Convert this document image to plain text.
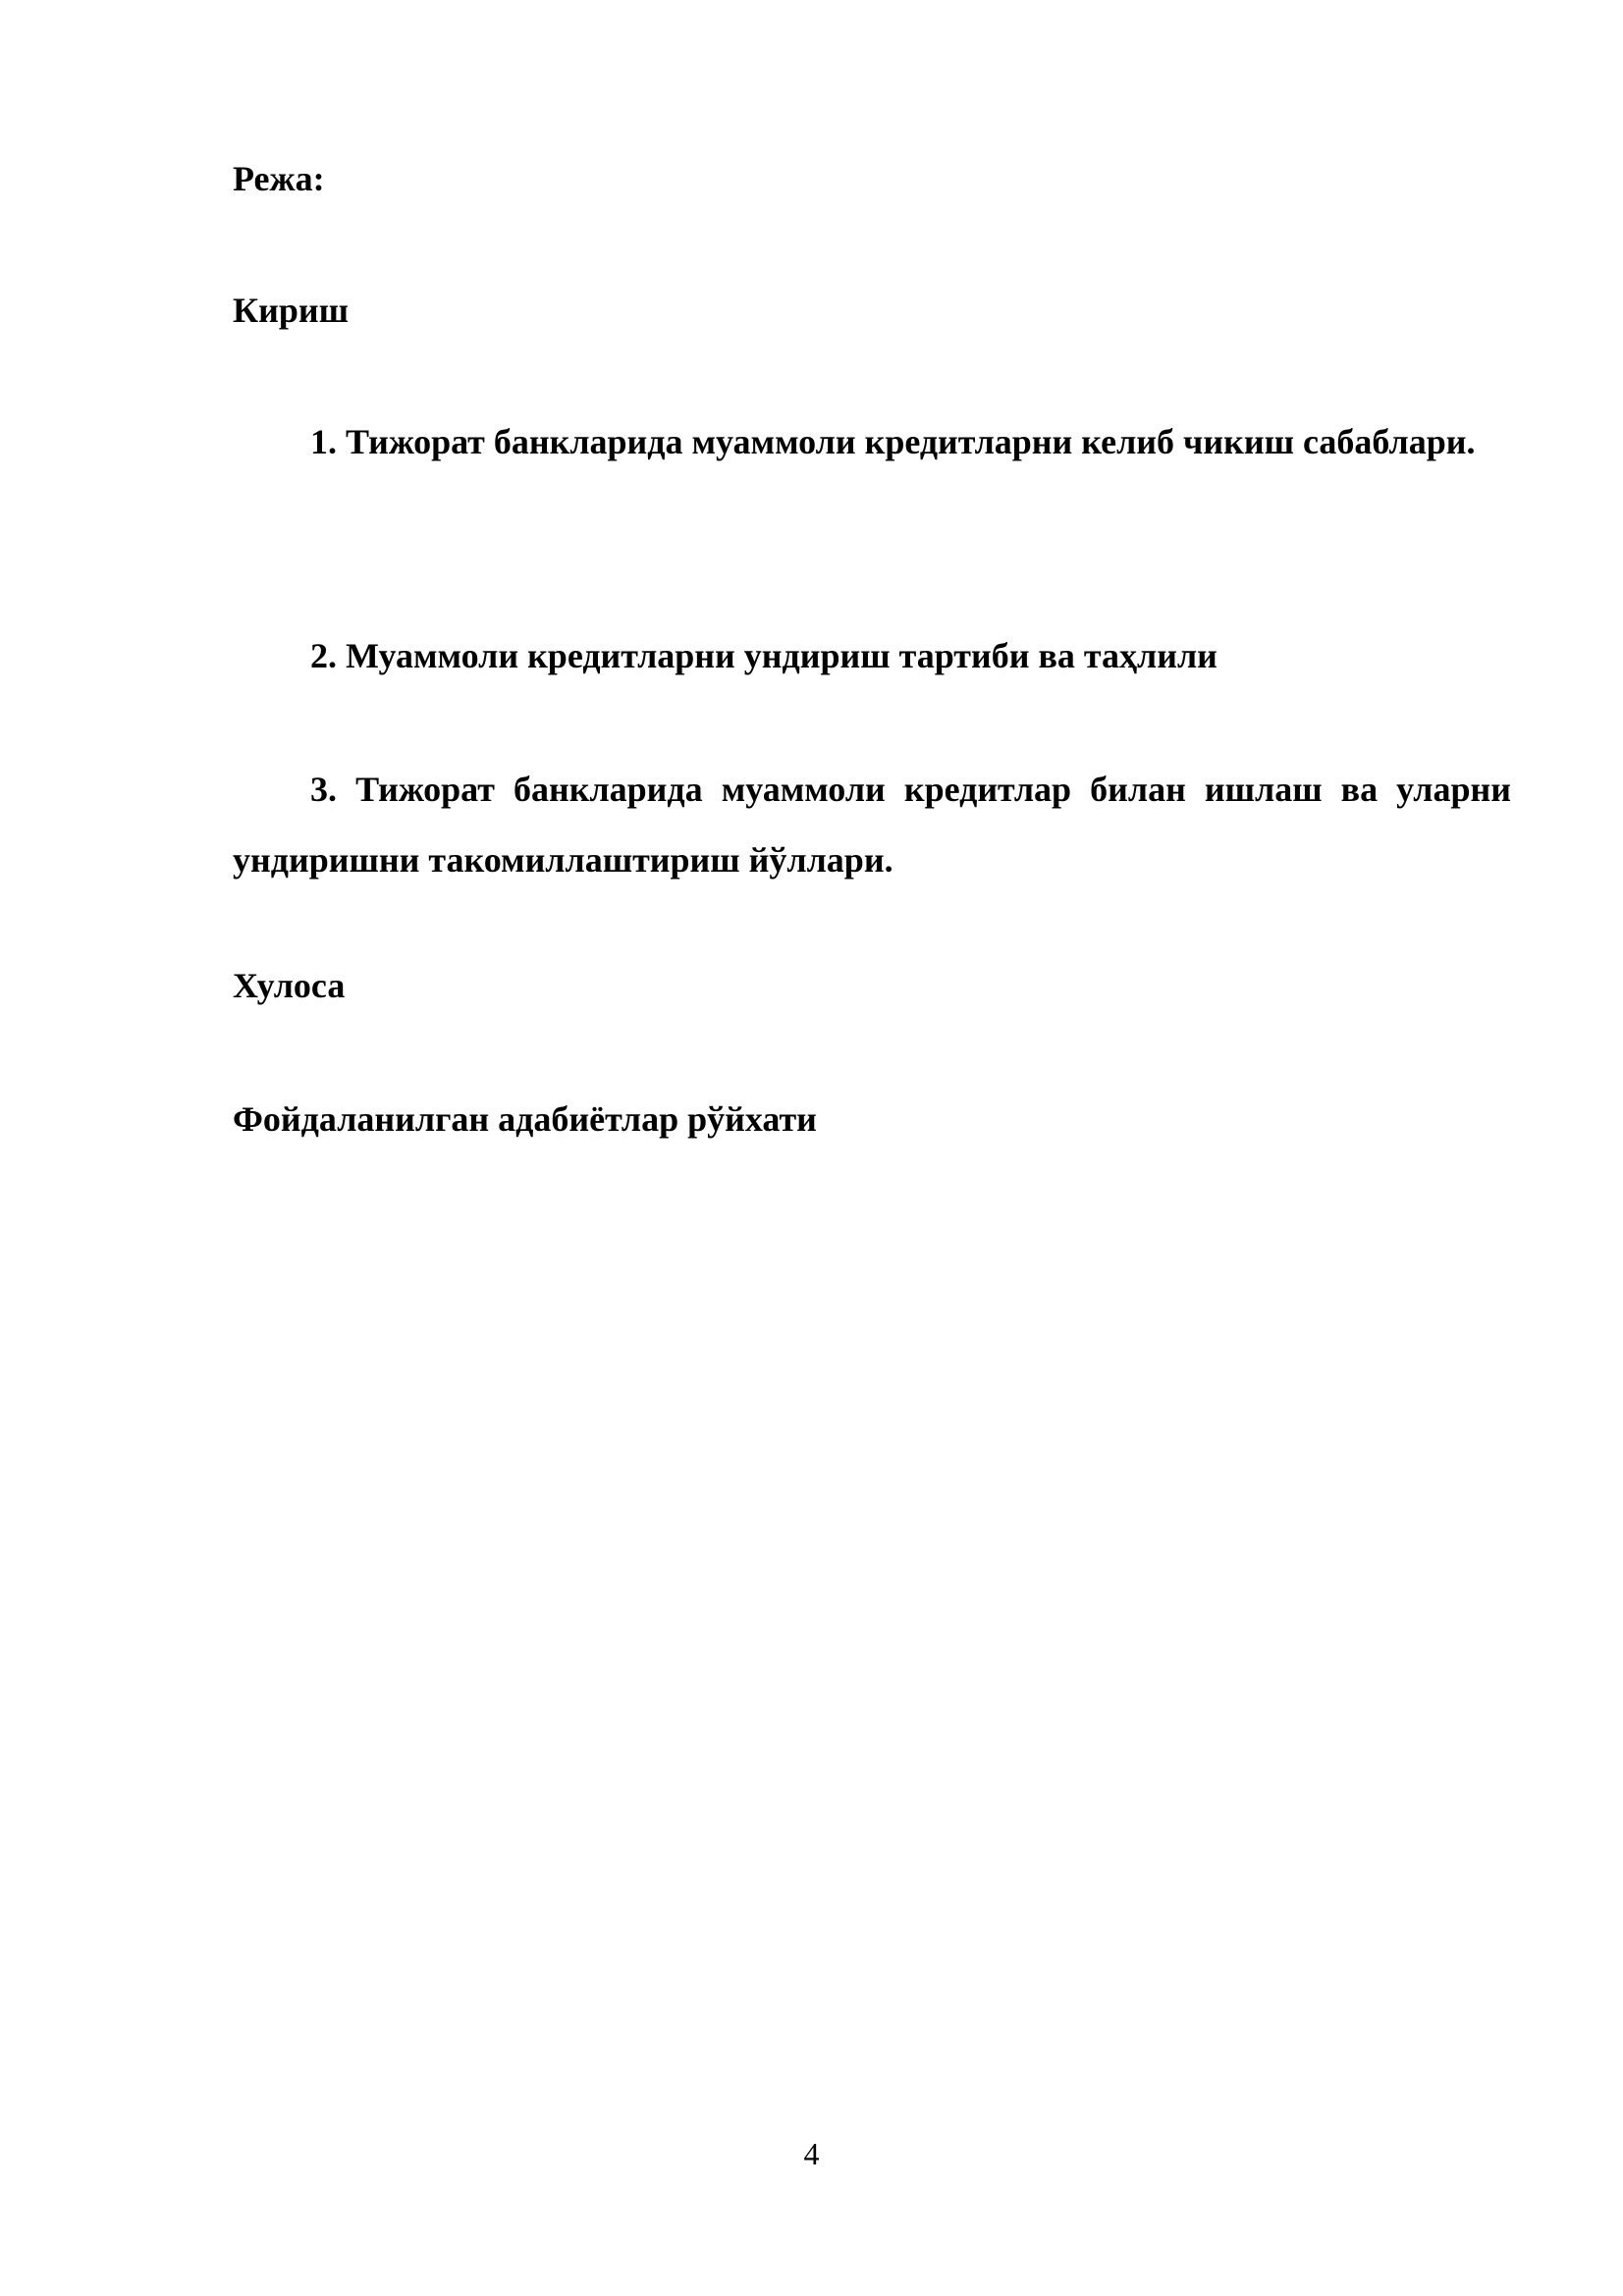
Режа:
Кириш
1. Тижорат банкларида муаммоли кредитларни келиб чикиш сабаблари.
2. Муаммоли кредитларни ундириш тартиби ва таҳлили
3. Тижорат банкларида муаммоли кредитлар билан ишлаш ва уларни ундиришни такомиллаштириш йўллари.
Хулоса
Фойдаланилган адабиётлар рўйхати
4
